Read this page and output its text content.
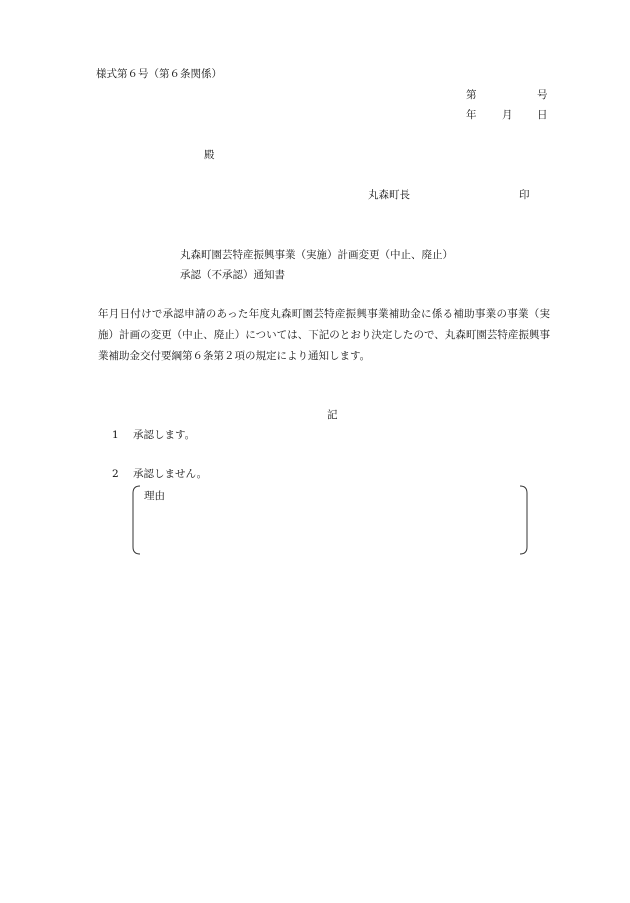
様式第６号（第６条関係）
第	号
年 月 日
殿
丸森町長	印
丸森町園芸特産振興事業（実施）計画変更（中止、廃止）
承認（不承認）通知書
年月日付けで承認申請のあった年度丸森町園芸特産振興事業補助金に係る補助事業の事業（実施）計画の変更（中止、廃止）については、下記のとおり決定したので、丸森町園芸特産振興事業補助金交付要綱第６条第２項の規定により通知します。
記
1 承認します。
2 承認しません。
理由
